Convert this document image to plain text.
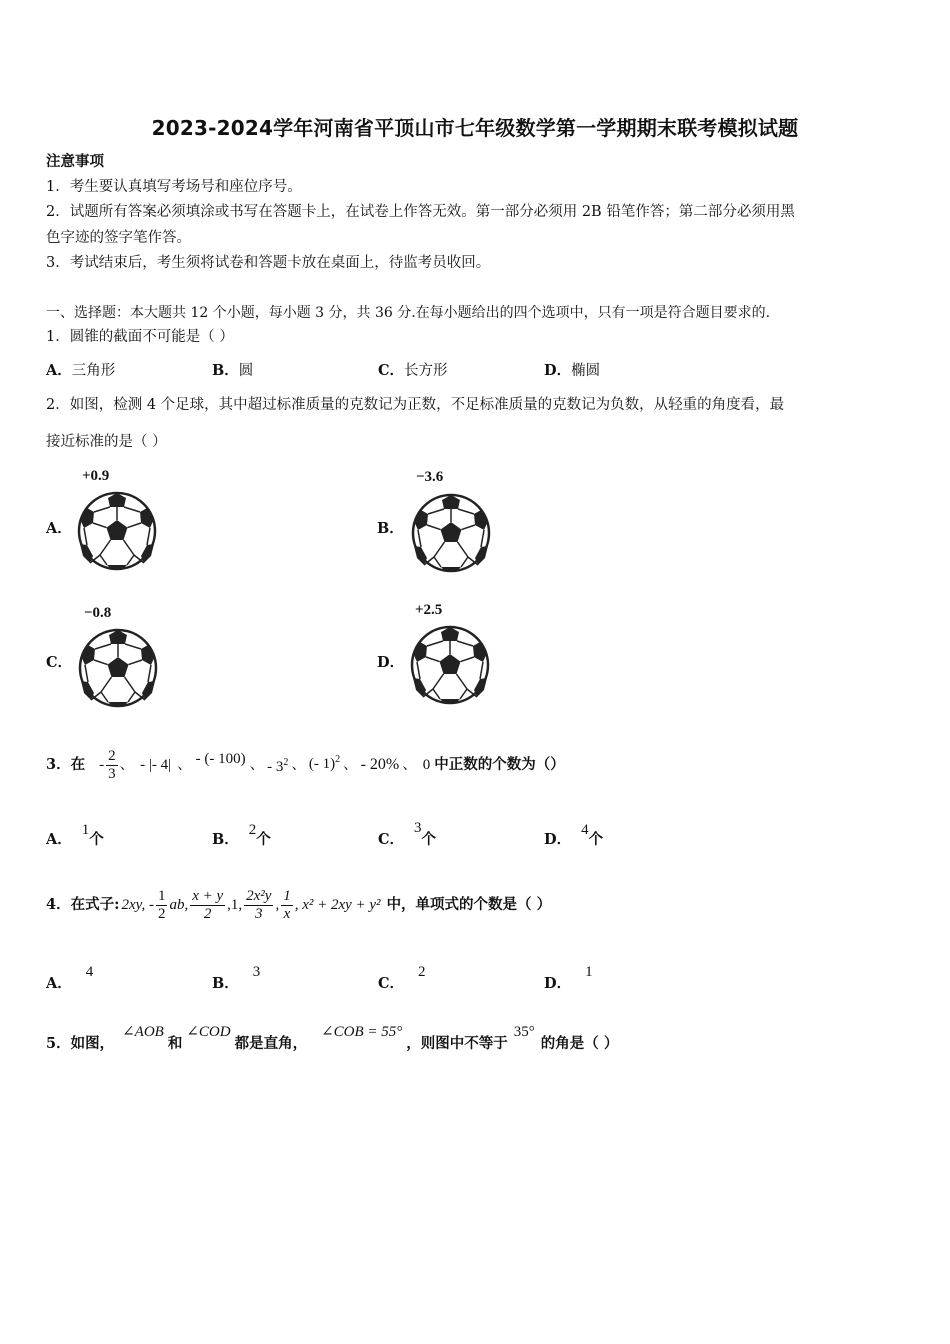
2023-2024学年河南省平顶山市七年级数学第一学期期末联考模拟试题
注意事项
1．考生要认真填写考场号和座位序号。
2．试题所有答案必须填涂或书写在答题卡上，在试卷上作答无效。第一部分必须用 2B 铅笔作答；第二部分必须用黑
色字迹的签字笔作答。
3．考试结束后，考生须将试卷和答题卡放在桌面上，待监考员收回。
一、选择题：本大题共 12 个小题，每小题 3 分，共 36 分.在每小题给出的四个选项中，只有一项是符合题目要求的.
1．圆锥的截面不可能是（ ）
A．三角形	B．圆	C．长方形	D．椭圆
2．如图，检测 4 个足球，其中超过标准质量的克数记为正数，不足标准质量的克数记为负数，从轻重的角度看，最
接近标准的是（ ）
A．
+0.9
B．
−3.6
C．
−0.8
D．
+2.5
3．在 - $\frac{2}{3}$ 、 - |- 4| 、 - (- 100) 、 - $3^2$ 、 (- 1)$^2$ 、 - 20% 、 0 中正数的个数为（）
A．1个	B．2个	C．3个	D．4个
4．在式子: 2xy, - $\frac{1}{2}$ ab, $\frac{x + y}{2} ,1$, $\frac{\text{2x²y}}{3}$ , $\frac{1}{x}$ , x² + 2xy + y² 中，单项式的个数是（ ）
A．4
B．3
C．2
D．1
5．如图，
∠AOB
和
∠COD
都是直角，
∠COB = 55°
，则图中不等于
35°
的角是（ ）
